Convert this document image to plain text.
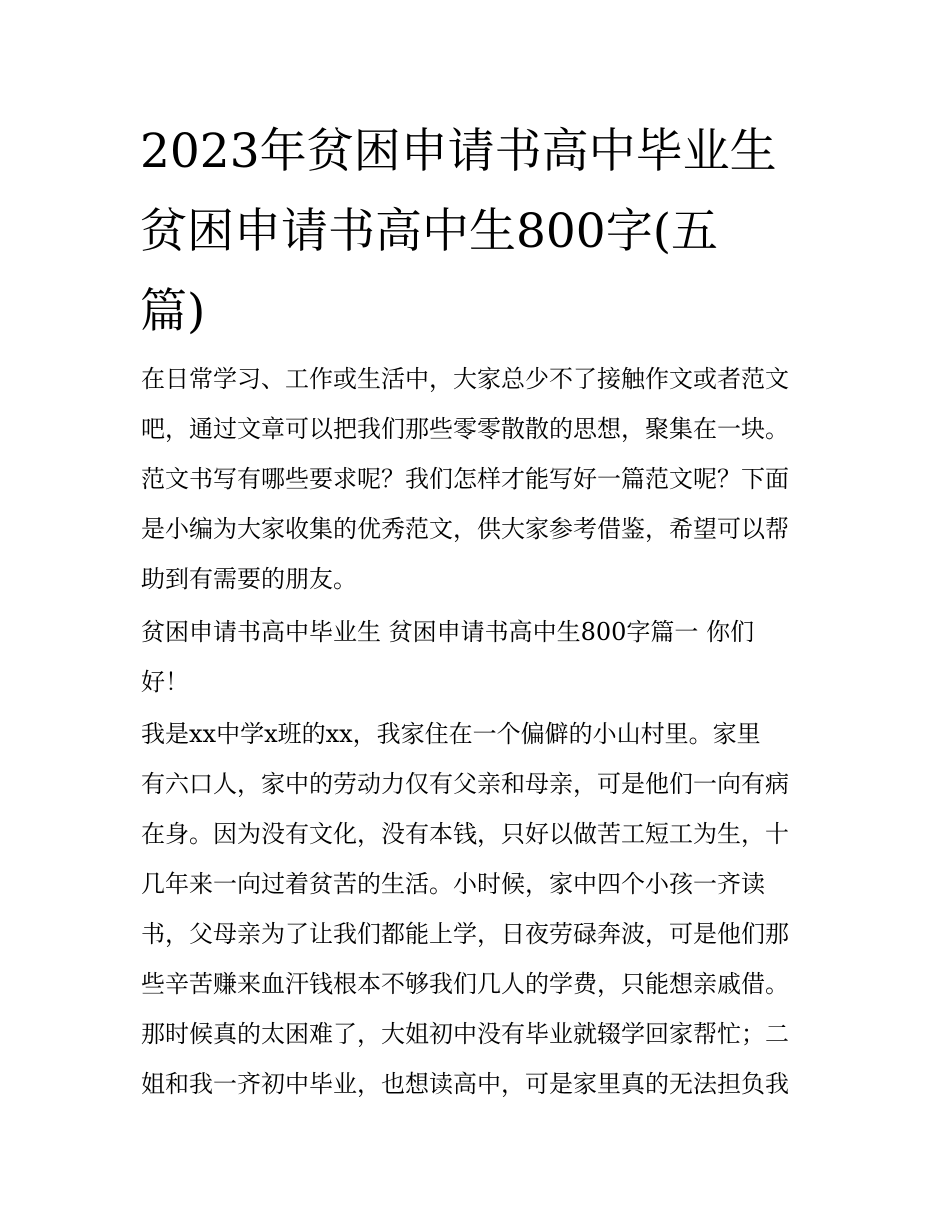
2023年贫困申请书高中毕业生
贫困申请书高中生800字(五
篇)

在日常学习、工作或生活中，大家总少不了接触作文或者范文

吧，通过文章可以把我们那些零零散散的思想，聚集在一块。

范文书写有哪些要求呢？我们怎样才能写好一篇范文呢？下面

是小编为大家收集的优秀范文，供大家参考借鉴，希望可以帮

助到有需要的朋友。

贫困申请书高中毕业生 贫困申请书高中生800字篇一 你们

好！

我是xx中学x班的xx，我家住在一个偏僻的小山村里。家里

有六口人，家中的劳动力仅有父亲和母亲，可是他们一向有病

在身。因为没有文化，没有本钱，只好以做苦工短工为生，十

几年来一向过着贫苦的生活。小时候，家中四个小孩一齐读

书，父母亲为了让我们都能上学，日夜劳碌奔波，可是他们那

些辛苦赚来血汗钱根本不够我们几人的学费，只能想亲戚借。

那时候真的太困难了，大姐初中没有毕业就辍学回家帮忙；二

姐和我一齐初中毕业，也想读高中，可是家里真的无法担负我
